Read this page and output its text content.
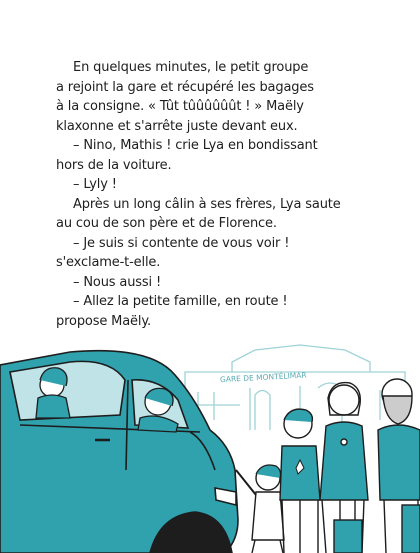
En quelques minutes, le petit groupe

a rejoint la gare et récupéré les bagages

à la consigne. « Tût tûûûûûût ! » Maëly

klaxonne et s'arrête juste devant eux.

– Nino, Mathis ! crie Lya en bondissant

hors de la voiture.

– Lyly !

Après un long câlin à ses frères, Lya saute

au cou de son père et de Florence.

– Je suis si contente de vous voir !

s'exclame-t-elle.

– Nous aussi !

– Allez la petite famille, en route !

propose Maëly.

GARE DE MONTÉLIMAR
